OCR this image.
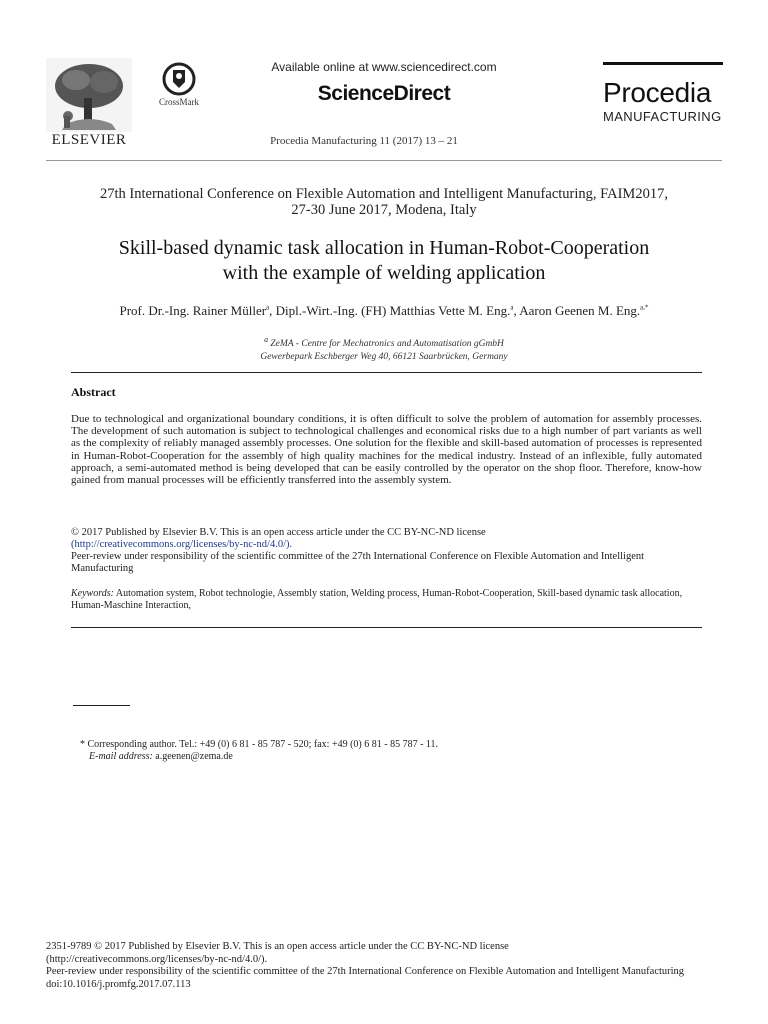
ELSEVIER
CrossMark
Available online at www.sciencedirect.com
ScienceDirect
Procedia Manufacturing 11 (2017) 13 – 21
Procedia
MANUFACTURING
27th International Conference on Flexible Automation and Intelligent Manufacturing, FAIM2017,
27-30 June 2017, Modena, Italy
Skill-based dynamic task allocation in Human-Robot-Cooperation
with the example of welding application
Prof. Dr.-Ing. Rainer Müller$^a$, Dipl.-Wirt.-Ing. (FH) Matthias Vette M. Eng.$^a$, Aaron Geenen M. Eng.$^{a,*}$
$^a$ ZeMA - Centre for Mechatronics and Automatisation gGmbH
Gewerbepark Eschberger Weg 40, 66121 Saarbrücken, Germany
Abstract
Due to technological and organizational boundary conditions, it is often difficult to solve the problem of automation for assembly processes. The development of such automation is subject to technological challenges and economical risks due to a high number of part variants as well as the complexity of reliably managed assembly processes. One solution for the flexible and skill-based automation of processes is represented in Human-Robot-Cooperation for the assembly of high quality machines for the medical industry. Instead of an inflexible, fully automated approach, a semi-automated method is being developed that can be easily controlled by the operator on the shop floor. Therefore, know-how gained from manual processes will be efficiently transferred into the assembly system.
© 2017 Published by Elsevier B.V. This is an open access article under the CC BY-NC-ND license
(http://creativecommons.org/licenses/by-nc-nd/4.0/).
Peer-review under responsibility of the scientific committee of the 27th International Conference on Flexible Automation and Intelligent Manufacturing
Keywords: Automation system, Robot technologie, Assembly station, Welding process, Human-Robot-Cooperation, Skill-based dynamic task allocation, Human-Maschine Interaction,
* Corresponding author. Tel.: +49 (0) 6 81 - 85 787 - 520; fax: +49 (0) 6 81 - 85 787 - 11.
E-mail address: a.geenen@zema.de
2351-9789 © 2017 Published by Elsevier B.V. This is an open access article under the CC BY-NC-ND license
(http://creativecommons.org/licenses/by-nc-nd/4.0/).
Peer-review under responsibility of the scientific committee of the 27th International Conference on Flexible Automation and Intelligent Manufacturing
doi:10.1016/j.promfg.2017.07.113
